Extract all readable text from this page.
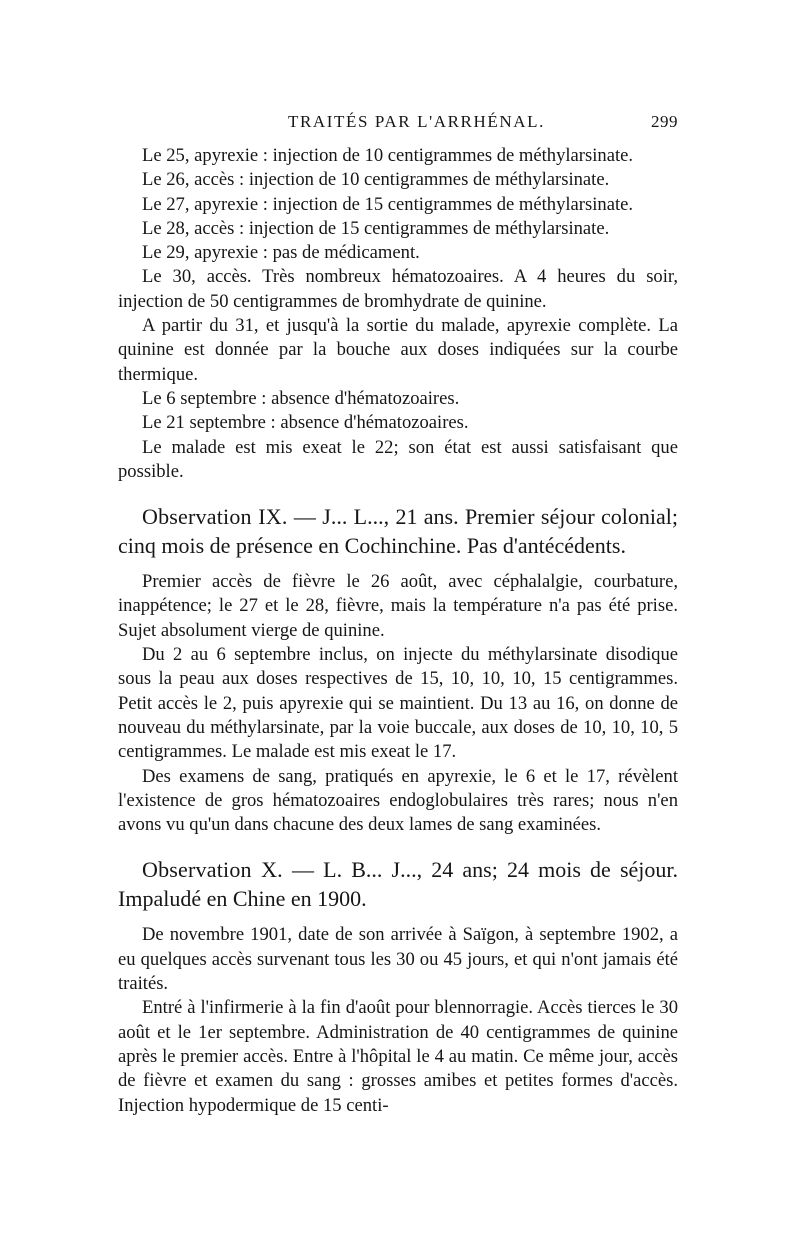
TRAITÉS PAR L'ARRHÉNAL.	299

Le 25, apyrexie : injection de 10 centigrammes de méthylarsinate.

Le 26, accès : injection de 10 centigrammes de méthylarsinate.

Le 27, apyrexie : injection de 15 centigrammes de méthylarsinate.

Le 28, accès : injection de 15 centigrammes de méthylarsinate.

Le 29, apyrexie : pas de médicament.

Le 30, accès. Très nombreux hématozoaires. A 4 heures du soir, injection de 50 centigrammes de bromhydrate de quinine.

A partir du 31, et jusqu'à la sortie du malade, apyrexie complète. La quinine est donnée par la bouche aux doses indiquées sur la courbe thermique.

Le 6 septembre : absence d'hématozoaires.

Le 21 septembre : absence d'hématozoaires.

Le malade est mis exeat le 22; son état est aussi satisfaisant que possible.

Observation IX. — J... L..., 21 ans. Premier séjour colonial; cinq mois de présence en Cochinchine. Pas d'antécédents.

Premier accès de fièvre le 26 août, avec céphalalgie, courbature, inappétence; le 27 et le 28, fièvre, mais la température n'a pas été prise. Sujet absolument vierge de quinine.

Du 2 au 6 septembre inclus, on injecte du méthylarsinate disodique sous la peau aux doses respectives de 15, 10, 10, 10, 15 centigrammes. Petit accès le 2, puis apyrexie qui se maintient. Du 13 au 16, on donne de nouveau du méthylarsinate, par la voie buccale, aux doses de 10, 10, 10, 5 centigrammes. Le malade est mis exeat le 17.

Des examens de sang, pratiqués en apyrexie, le 6 et le 17, révèlent l'existence de gros hématozoaires endoglobulaires très rares; nous n'en avons vu qu'un dans chacune des deux lames de sang examinées.

Observation X. — L. B... J..., 24 ans; 24 mois de séjour. Impaludé en Chine en 1900.

De novembre 1901, date de son arrivée à Saïgon, à septembre 1902, a eu quelques accès survenant tous les 30 ou 45 jours, et qui n'ont jamais été traités.

Entré à l'infirmerie à la fin d'août pour blennorragie. Accès tierces le 30 août et le 1er septembre. Administration de 40 centigrammes de quinine après le premier accès. Entre à l'hôpital le 4 au matin. Ce même jour, accès de fièvre et examen du sang : grosses amibes et petites formes d'accès. Injection hypodermique de 15 centi-
